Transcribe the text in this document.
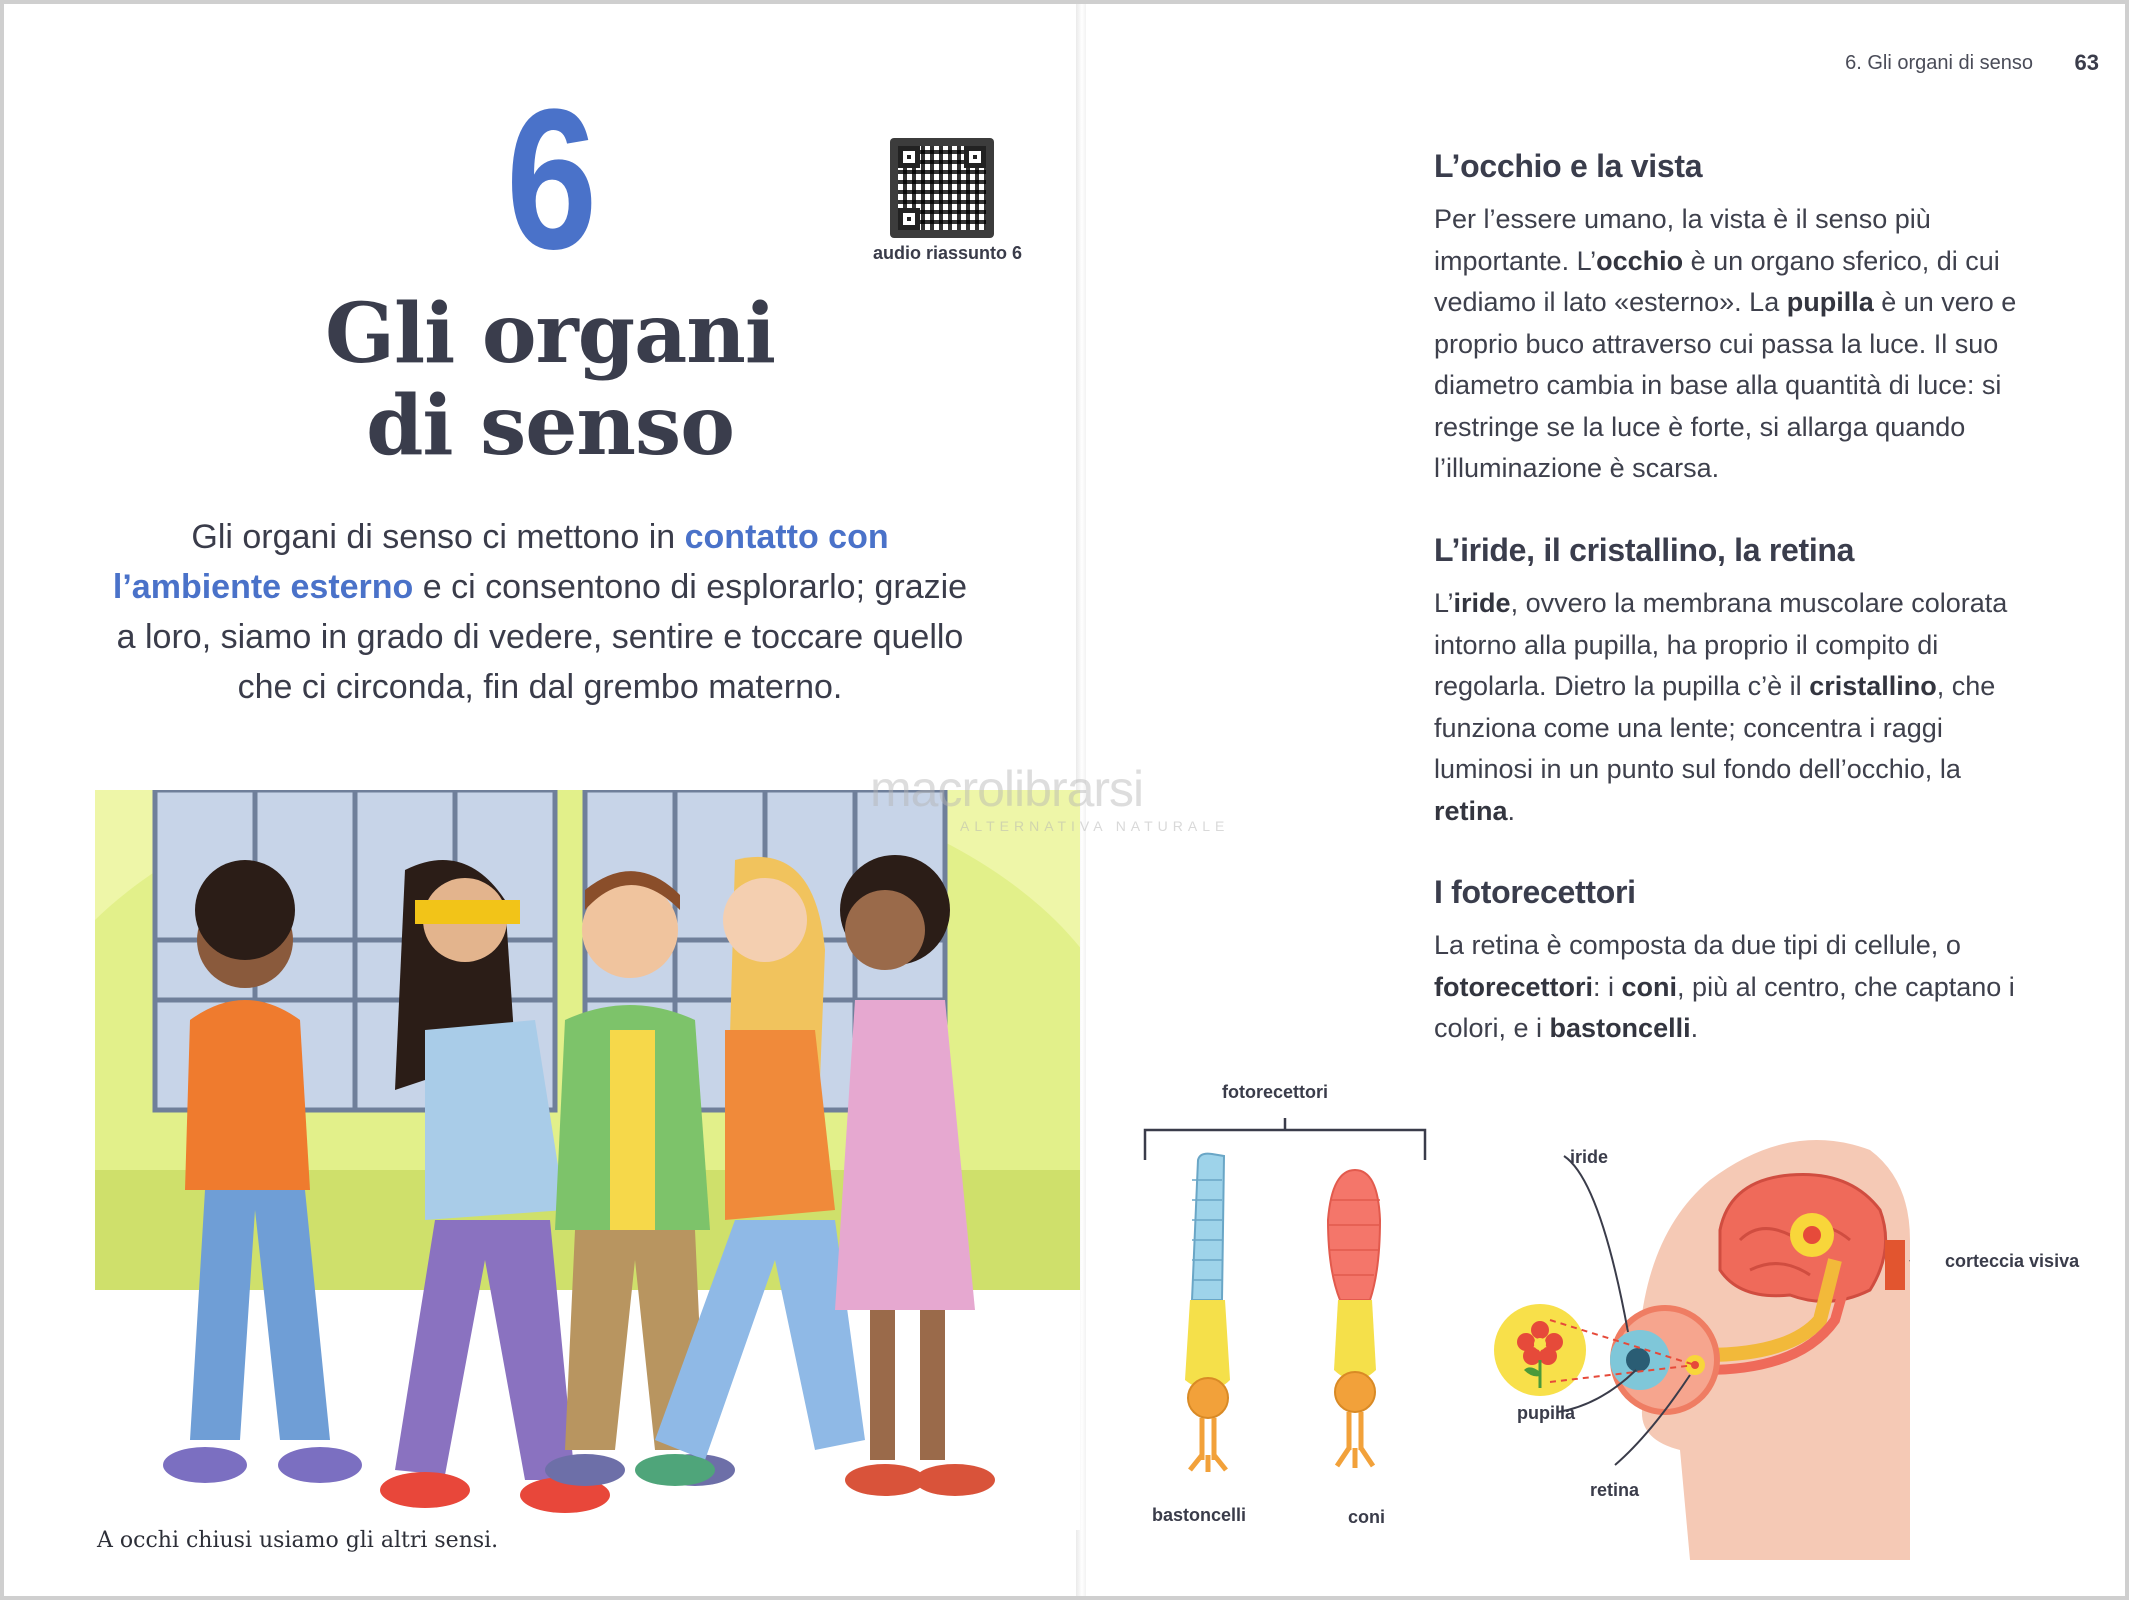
6
Gli organi
di senso
audio riassunto 6
Gli organi di senso ci mettono in contatto con l’ambiente esterno e ci consentono di esplorarlo; grazie a loro, siamo in grado di vedere, sentire e toccare quello che ci circonda, fin dal grembo materno.
A occhi chiusi usiamo gli altri sensi.
macrolibrarsi
ALTERNATIVA NATURALE
6. Gli organi di senso 63
L’occhio e la vista

Per l’essere umano, la vista è il senso più importante. L’occhio è un organo sferico, di cui vediamo il lato «esterno». La pupilla è un vero e proprio buco attraverso cui passa la luce. Il suo diametro cambia in base alla quantità di luce: si restringe se la luce è forte, si allarga quando l’illuminazione è scarsa.

L’iride, il cristallino, la retina

L’iride, ovvero la membrana muscolare colorata intorno alla pupilla, ha proprio il compito di regolarla. Dietro la pupilla c’è il cristallino, che funziona come una lente; concentra i raggi luminosi in un punto sul fondo dell’occhio, la retina.

I fotorecettori

La retina è composta da due tipi di cellule, o fotorecettori: i coni, più al centro, che captano i colori, e i bastoncelli.

fotorecettori
bastoncelli	coni
iride
pupilla
retina
corteccia visiva
